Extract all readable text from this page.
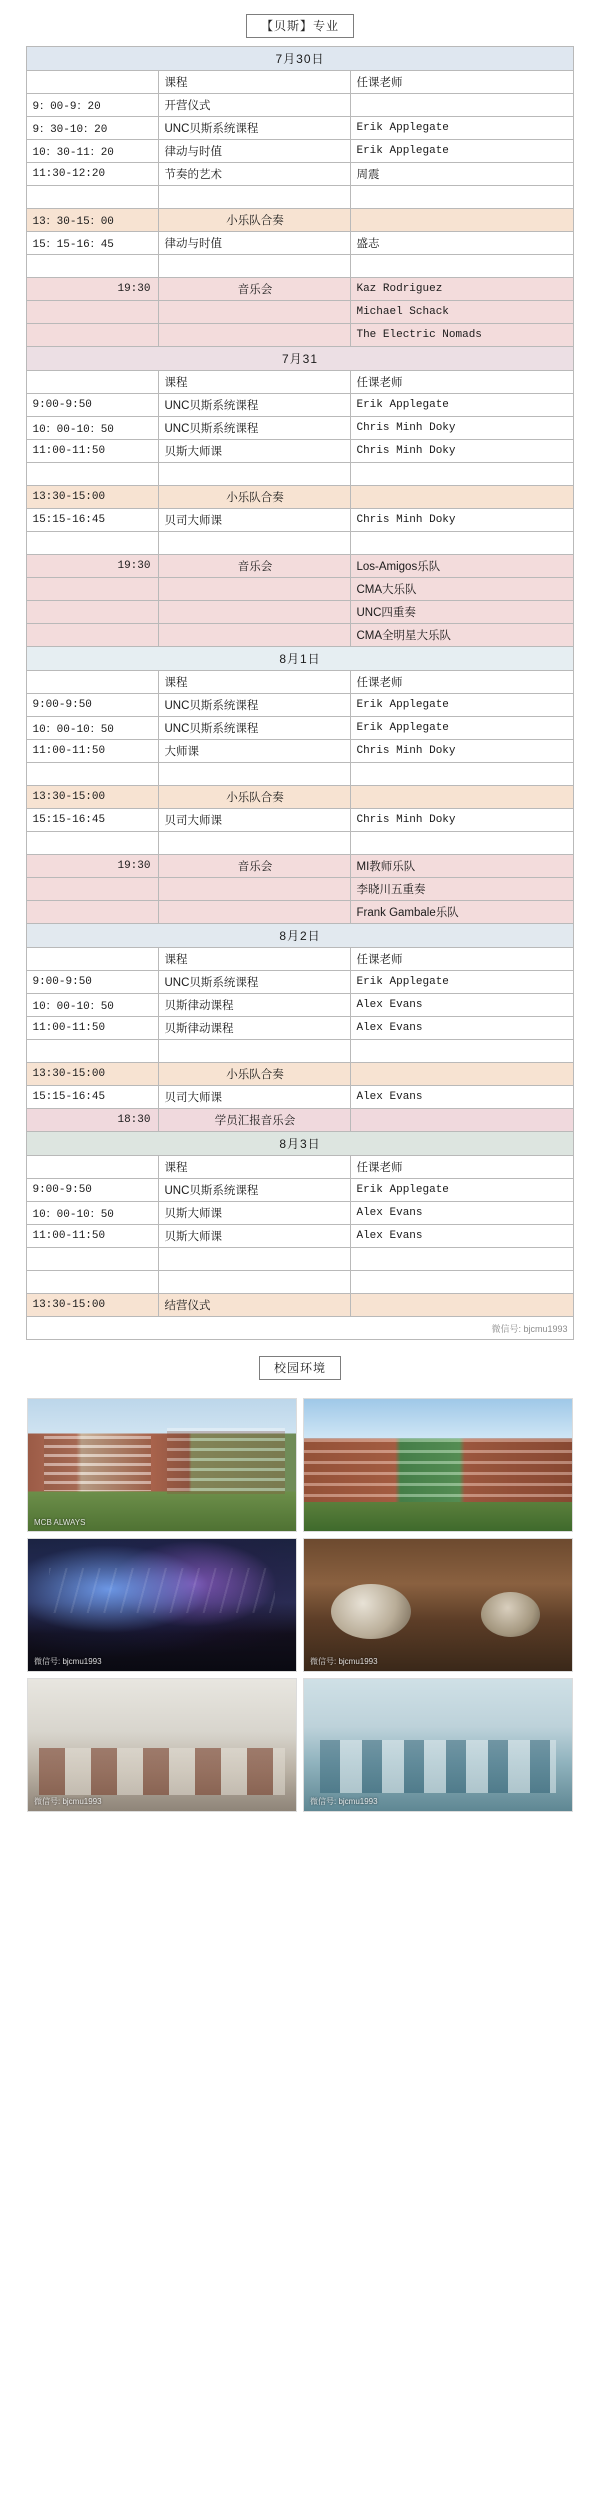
【贝斯】专业
7月30日		
	课程	任课老师
9：00-9：20	开营仪式	
9：30-10：20	UNC贝斯系统课程	Erik Applegate
10：30-11：20	律动与时值	Erik Applegate
11:30-12:20	节奏的艺术	周震

13：30-15：00	小乐队合奏	
15：15-16：45	律动与时值	盛志

19:30	音乐会	Kaz Rodriguez
		Michael Schack
		The Electric Nomads
7月31		
	课程	任课老师
9:00-9:50	UNC贝斯系统课程	Erik Applegate
10：00-10：50	UNC贝斯系统课程	Chris Minh Doky
11:00-11:50	贝斯大师课	Chris Minh Doky

13:30-15:00	小乐队合奏	
15:15-16:45	贝司大师课	Chris Minh Doky

19:30	音乐会	Los-Amigos乐队
		CMA大乐队
		UNC四重奏
		CMA全明星大乐队
8月1日		
	课程	任课老师
9:00-9:50	UNC贝斯系统课程	Erik Applegate
10：00-10：50	UNC贝斯系统课程	Erik Applegate
11:00-11:50	大师课	Chris Minh Doky

13:30-15:00	小乐队合奏	
15:15-16:45	贝司大师课	Chris Minh Doky

19:30	音乐会	MI教师乐队
		李晓川五重奏
		Frank Gambale乐队
8月2日		
	课程	任课老师
9:00-9:50	UNC贝斯系统课程	Erik Applegate
10：00-10：50	贝斯律动课程	Alex Evans
11:00-11:50	贝斯律动课程	Alex Evans

13:30-15:00	小乐队合奏	
15:15-16:45	贝司大师课	Alex Evans
18:30	学员汇报音乐会	
8月3日		
	课程	任课老师
9:00-9:50	UNC贝斯系统课程	Erik Applegate
10：00-10：50	贝斯大师课	Alex Evans
11:00-11:50	贝斯大师课	Alex Evans

13:30-15:00	结营仪式	
微信号: bjcmu1993		
校园环境
MCB ALWAYS
微信号: bjcmu1993	微信号: bjcmu1993
微信号: bjcmu1993	微信号: bjcmu1993
